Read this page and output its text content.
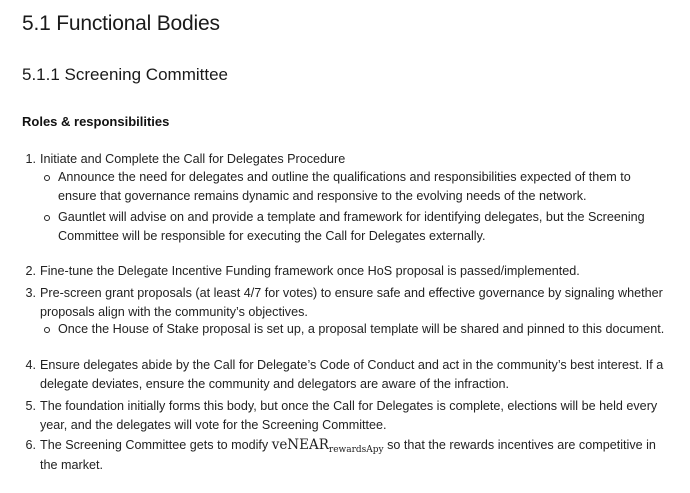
5.1 Functional Bodies
5.1.1 Screening Committee
Roles & responsibilities
1. Initiate and Complete the Call for Delegates Procedure
Announce the need for delegates and outline the qualifications and responsibilities expected of them to
ensure that governance remains dynamic and responsive to the evolving needs of the network.
Gauntlet will advise on and provide a template and framework for identifying delegates, but the Screening
Committee will be responsible for executing the Call for Delegates externally.
2. Fine-tune the Delegate Incentive Funding framework once HoS proposal is passed/implemented.
3. Pre-screen grant proposals (at least 4/7 for votes) to ensure safe and effective governance by signaling whether
proposals align with the community’s objectives.
Once the House of Stake proposal is set up, a proposal template will be shared and pinned to this document.
4. Ensure delegates abide by the Call for Delegate’s Code of Conduct and act in the community’s best interest. If a
delegate deviates, ensure the community and delegators are aware of the infraction.
5. The foundation initially forms this body, but once the Call for Delegates is complete, elections will be held every
year, and the delegates will vote for the Screening Committee.
6. The Screening Committee gets to modify veNEAR$_{rewardsApy}$ so that the rewards incentives are competitive in
the market.
